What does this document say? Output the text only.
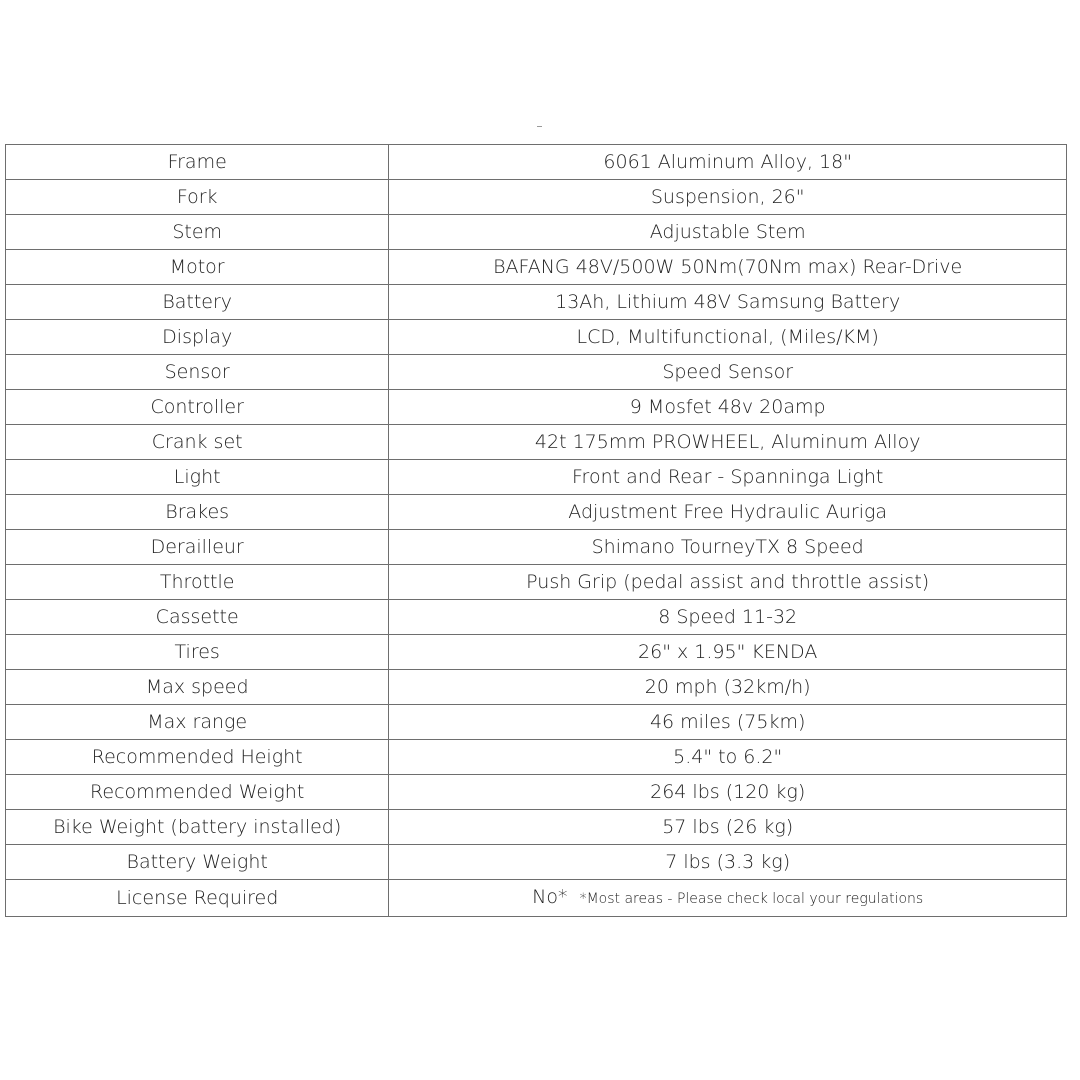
Frame	6061 Aluminum Alloy, 18"
Fork	Suspension, 26"
Stem	Adjustable Stem
Motor	BAFANG 48V/500W 50Nm(70Nm max) Rear-Drive
Battery	13Ah, Lithium 48V Samsung Battery
Display	LCD, Multifunctional, (Miles/KM)
Sensor	Speed Sensor
Controller	9 Mosfet 48v 20amp
Crank set	42t 175mm PROWHEEL, Aluminum Alloy
Light	Front and Rear - Spanninga Light
Brakes	Adjustment Free Hydraulic Auriga
Derailleur	Shimano TourneyTX 8 Speed
Throttle	Push Grip (pedal assist and throttle assist)
Cassette	8 Speed 11-32
Tires	26" x 1.95" KENDA
Max speed	20 mph (32km/h)
Max range	46 miles (75km)
Recommended Height	5.4" to 6.2"
Recommended Weight	264 lbs (120 kg)
Bike Weight (battery installed)	57 lbs (26 kg)
Battery Weight	7 lbs (3.3 kg)
License Required	No* *Most areas - Please check local your regulations
